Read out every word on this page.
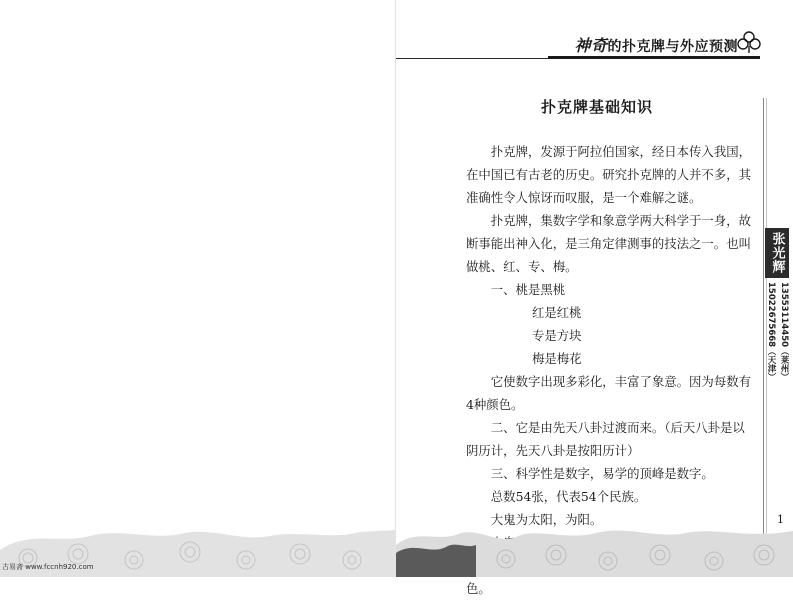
古易斋 www.fccnh920.com
神奇的扑克牌与外应预测
扑克牌基础知识

扑克牌，发源于阿拉伯国家，经日本传入我国，在中国已有古老的历史。研究扑克牌的人并不多，其准确性令人惊讶而叹服，是一个难解之谜。

扑克牌，集数字学和象意学两大科学于一身，故断事能出神入化，是三角定律测事的技法之一。也叫做桃、红、专、梅。

一、桃是黑桃

红是红桃

专是方块

梅是梅花

它使数字出现多彩化，丰富了象意。因为每数有4种颜色。

二、它是由先天八卦过渡而来。（后天八卦是以阴历计，先天八卦是按阳历计）

三、科学性是数字，易学的顶峰是数字。

总数54张，代表54个民族。

大鬼为太阳，为阳。

色。

张光辉
13553114450（莱州）
15022675668（天津）
1
